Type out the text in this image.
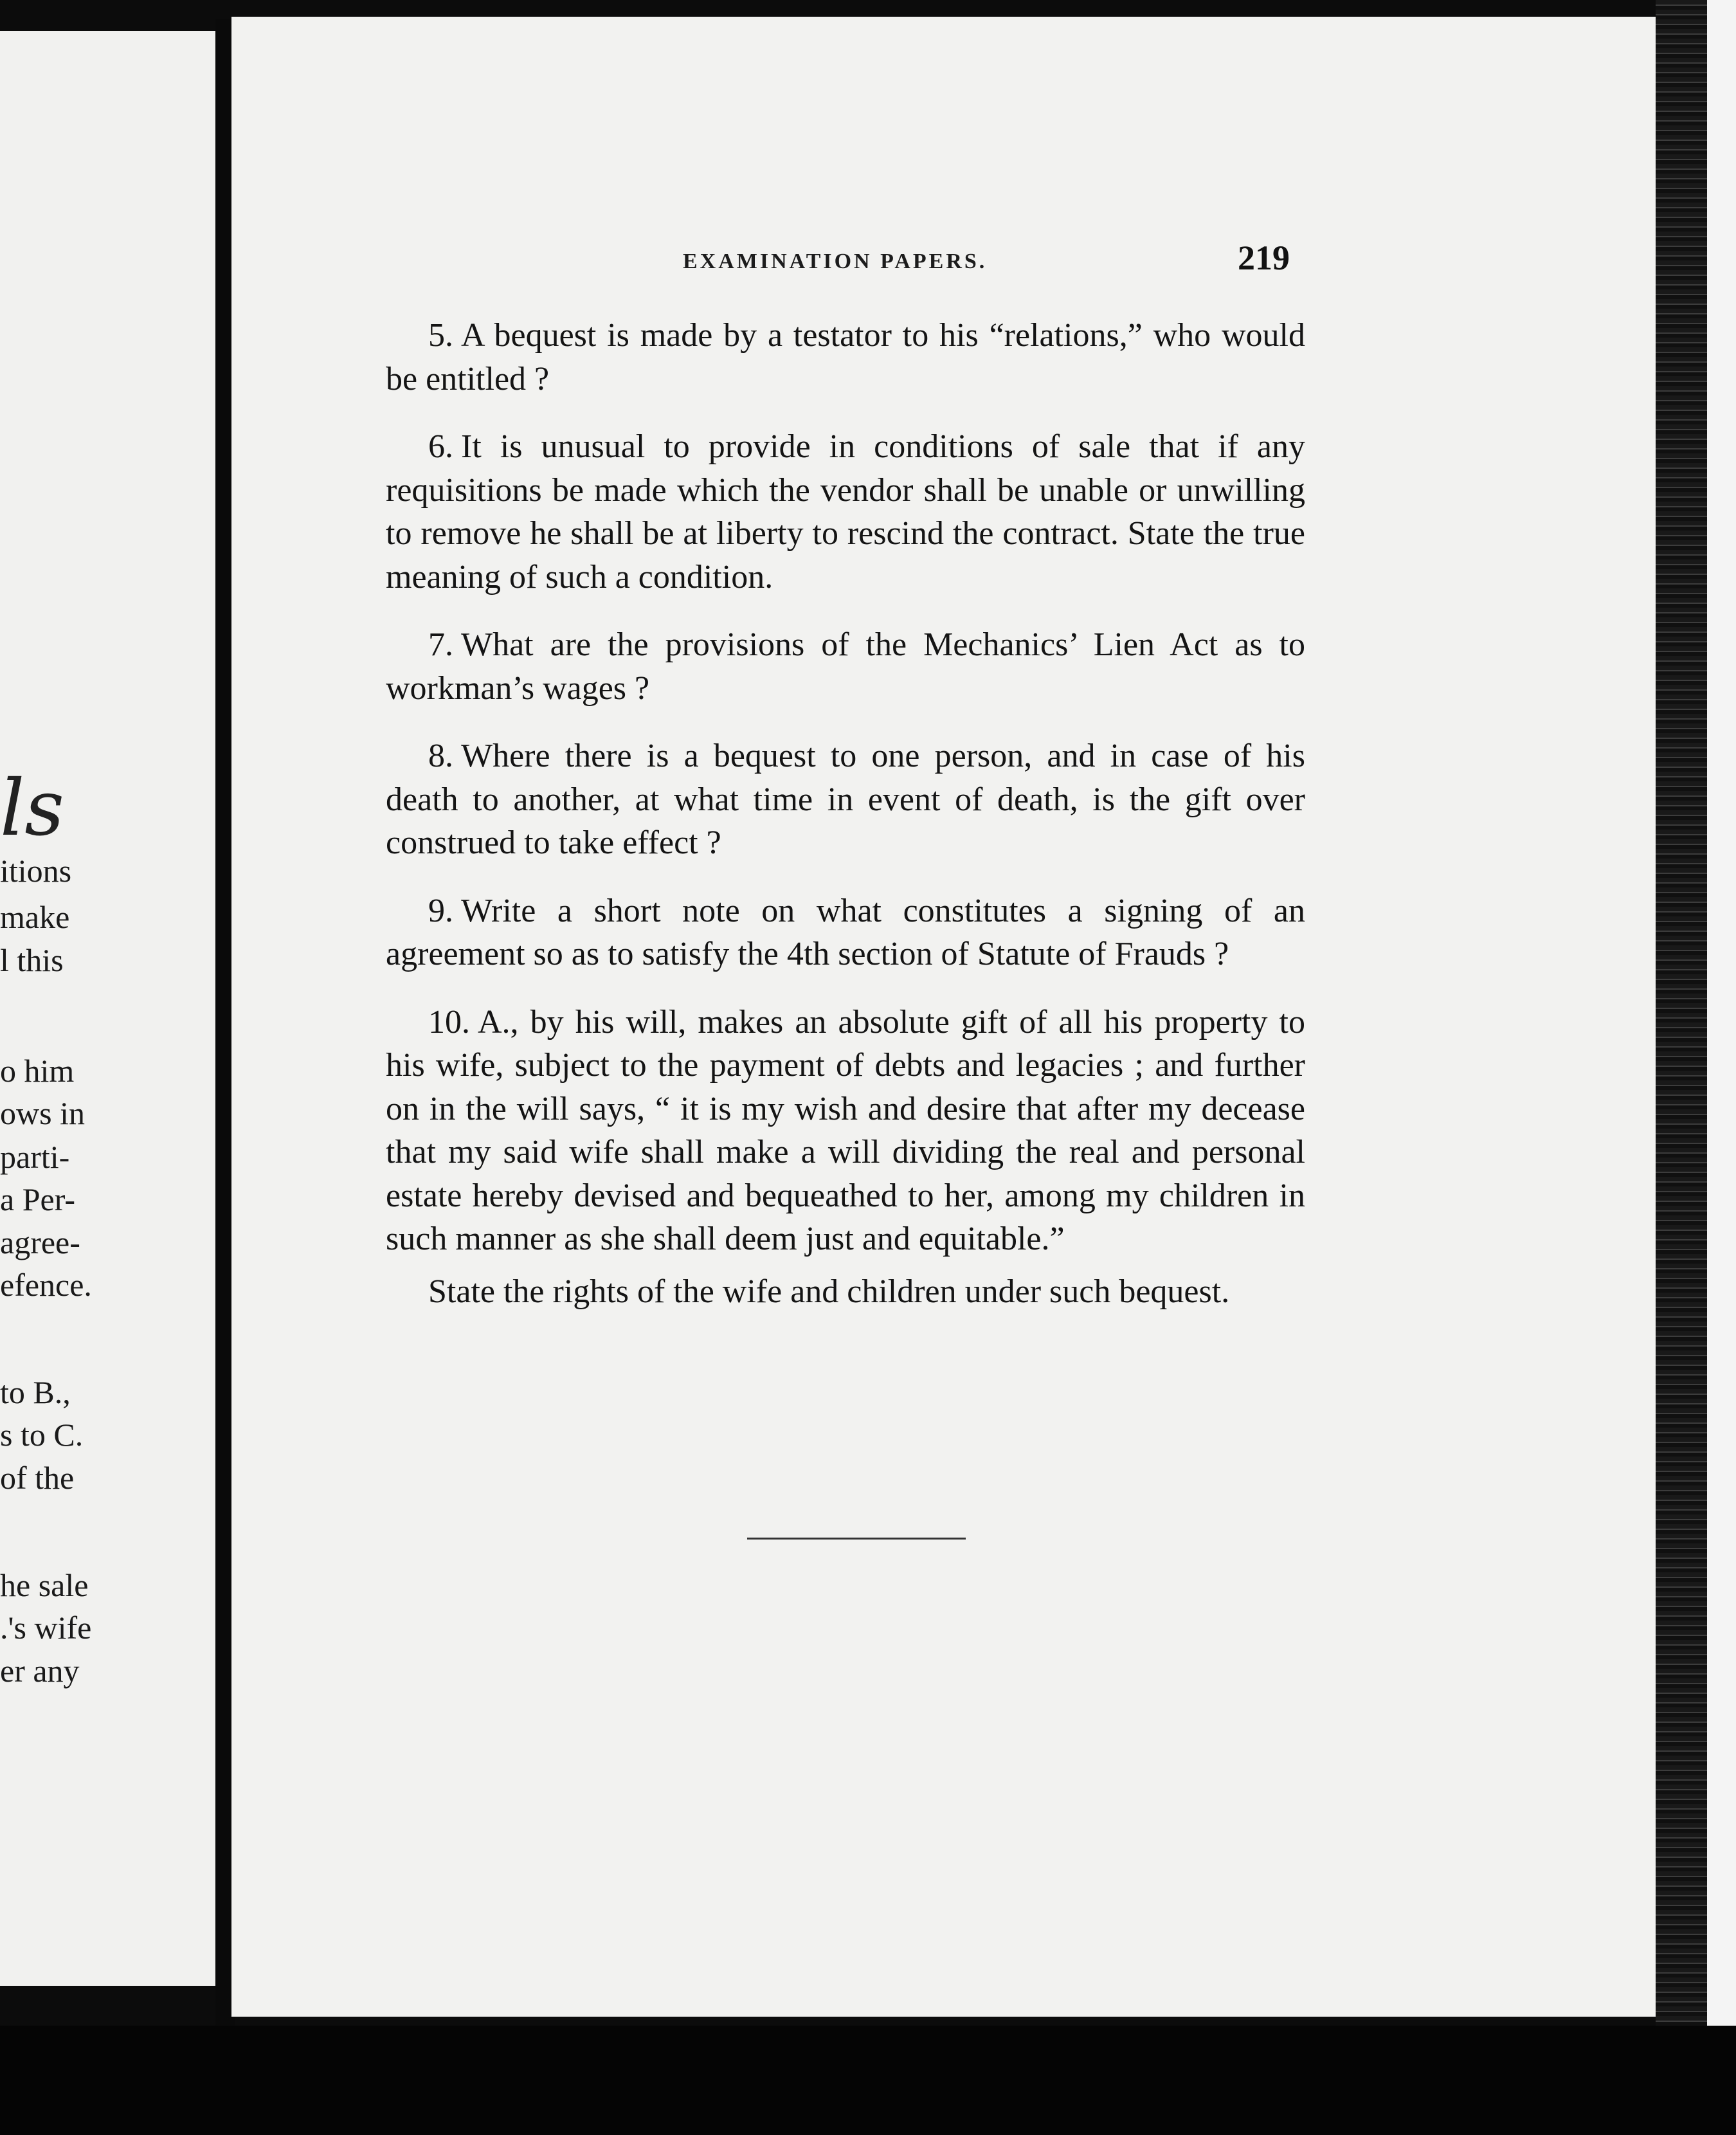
ls
itions
make
l this
o him
ows in
parti-
a Per-
agree-
efence.
to B.,
s to C.
of the
he sale
.'s wife
er any
EXAMINATION PAPERS.	219

5. A bequest is made by a testator to his “relations,” who would be entitled ?

6. It is unusual to provide in conditions of sale that if any requisitions be made which the vendor shall be unable or unwilling to remove he shall be at liberty to rescind the contract. State the true meaning of such a condition.

7. What are the provisions of the Mechanics’ Lien Act as to workman’s wages ?

8. Where there is a bequest to one person, and in case of his death to another, at what time in event of death, is the gift over construed to take effect ?

9. Write a short note on what constitutes a signing of an agreement so as to satisfy the 4th section of Statute of Frauds ?

10. A., by his will, makes an absolute gift of all his property to his wife, subject to the payment of debts and legacies ; and further on in the will says, “ it is my wish and desire that after my decease that my said wife shall make a will dividing the real and personal estate hereby devised and bequeathed to her, among my children in such manner as she shall deem just and equitable.”

State the rights of the wife and children under such bequest.
